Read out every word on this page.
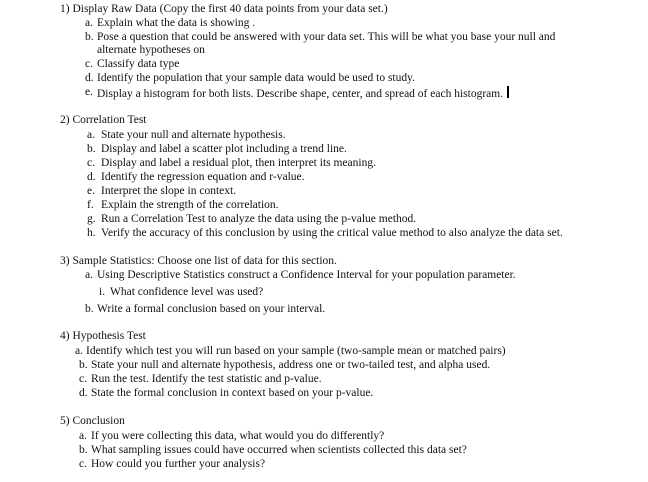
1) Display Raw Data (Copy the first 40 data points from your data set.)
a. Explain what the data is showing .
b. Pose a question that could be answered with your data set. This will be what you base your null and
alternate hypotheses on
c. Classify data type
d. Identify the population that your sample data would be used to study.
e. Display a histogram for both lists. Describe shape, center, and spread of each histogram.
2) Correlation Test
a. State your null and alternate hypothesis.
b. Display and label a scatter plot including a trend line.
c. Display and label a residual plot, then interpret its meaning.
d. Identify the regression equation and r-value.
e. Interpret the slope in context.
f. Explain the strength of the correlation.
g. Run a Correlation Test to analyze the data using the p-value method.
h. Verify the accuracy of this conclusion by using the critical value method to also analyze the data set.
3) Sample Statistics: Choose one list of data for this section.
a. Using Descriptive Statistics construct a Confidence Interval for your population parameter.
i. What confidence level was used?
b. Write a formal conclusion based on your interval.
4) Hypothesis Test
a. Identify which test you will run based on your sample (two-sample mean or matched pairs)
b. State your null and alternate hypothesis, address one or two-tailed test, and alpha used.
c. Run the test. Identify the test statistic and p-value.
d. State the formal conclusion in context based on your p-value.
5) Conclusion
a. If you were collecting this data, what would you do differently?
b. What sampling issues could have occurred when scientists collected this data set?
c. How could you further your analysis?
